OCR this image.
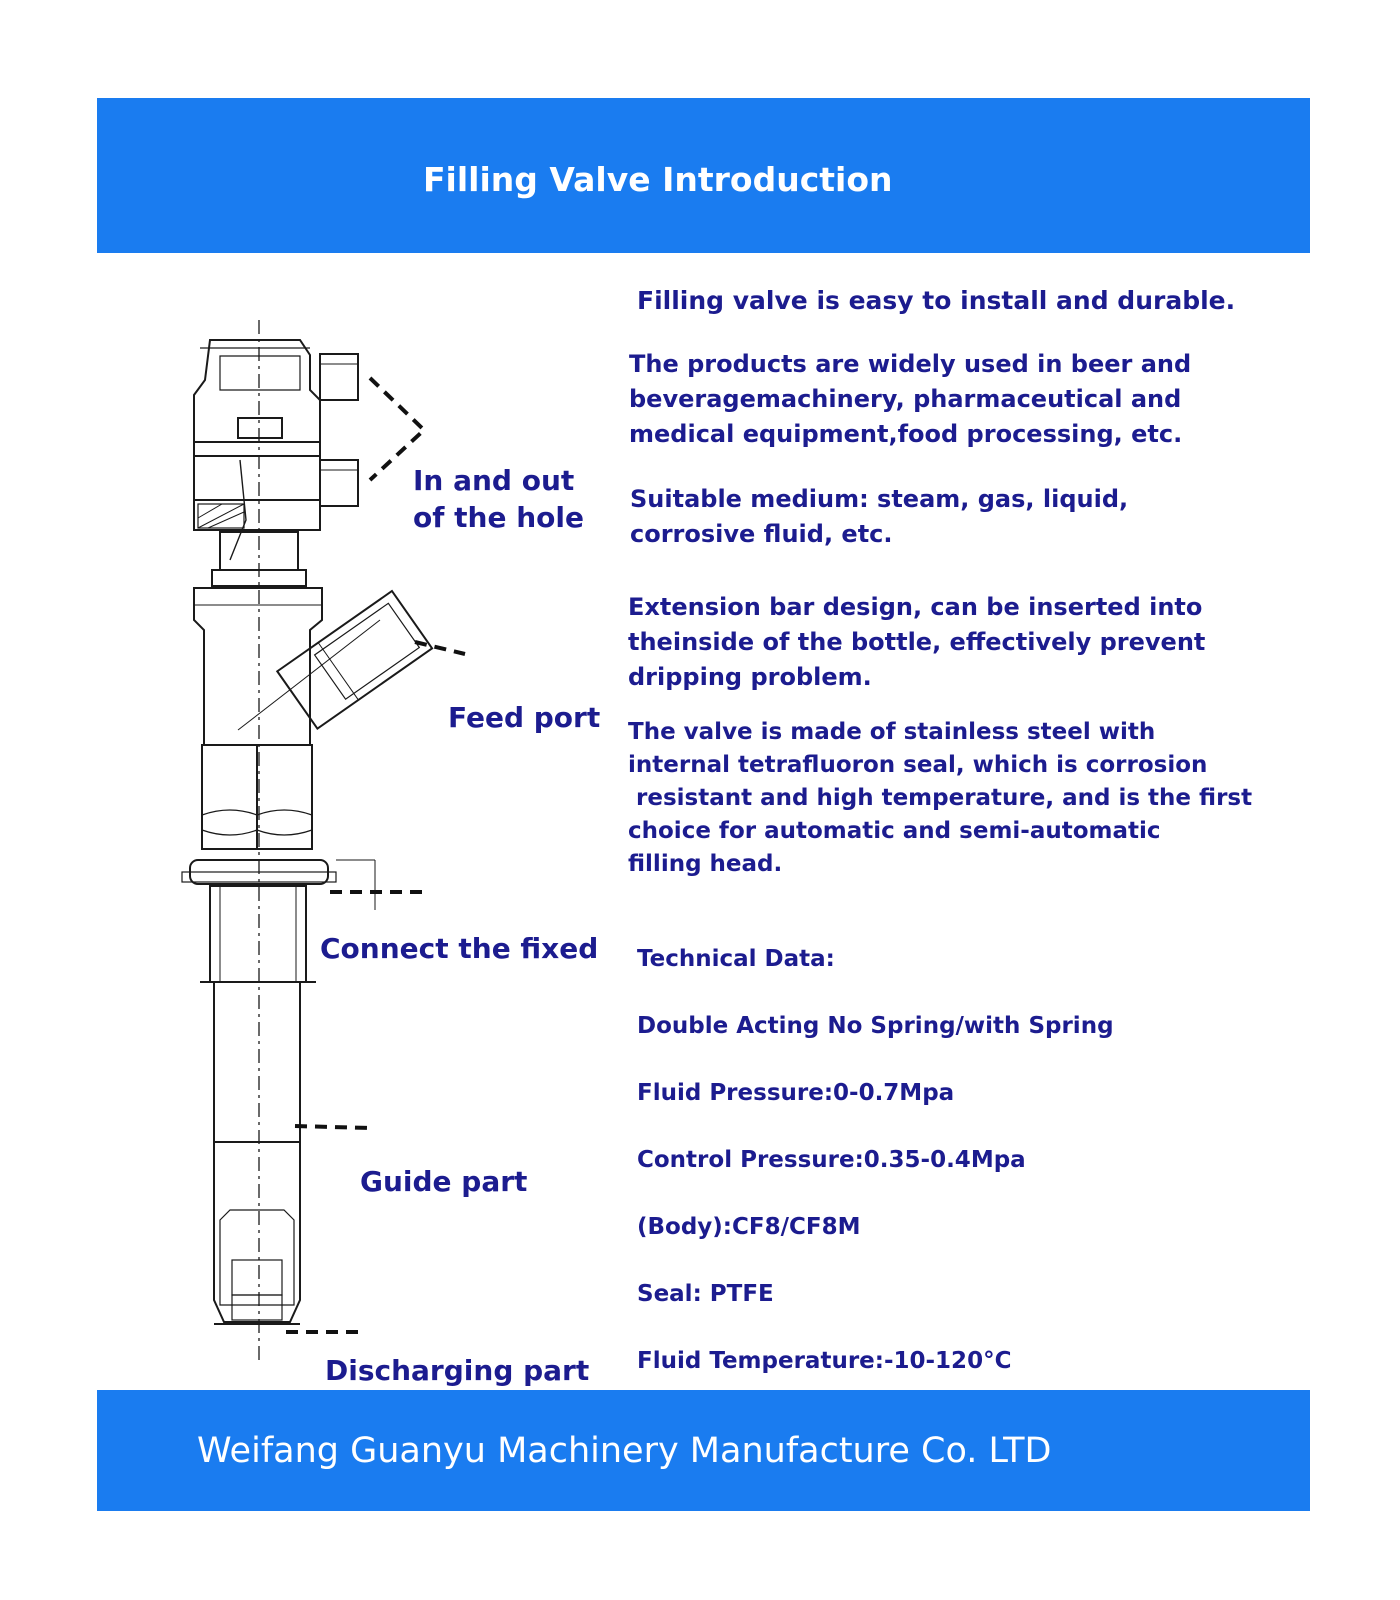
Filling Valve Introduction

Filling valve is easy to install and durable.

The products are widely used in beer and
beveragemachinery, pharmaceutical and
medical equipment,food processing, etc.
Suitable medium: steam, gas, liquid,
corrosive fluid, etc.
Extension bar design, can be inserted into
theinside of the bottle, effectively prevent
dripping problem.
The valve is made of stainless steel with
internal tetrafluoron seal, which is corrosion
resistant and high temperature, and is the first
choice for automatic and semi-automatic
filling head.
Technical Data:
Double Acting No Spring/with Spring
Fluid Pressure:0-0.7Mpa
Control Pressure:0.35-0.4Mpa
(Body):CF8/CF8M
Seal: PTFE
Fluid Temperature:-10-120°C
In and out
of the hole
Feed port
Connect the fixed
Guide part
Discharging part
Weifang Guanyu Machinery Manufacture Co. LTD
